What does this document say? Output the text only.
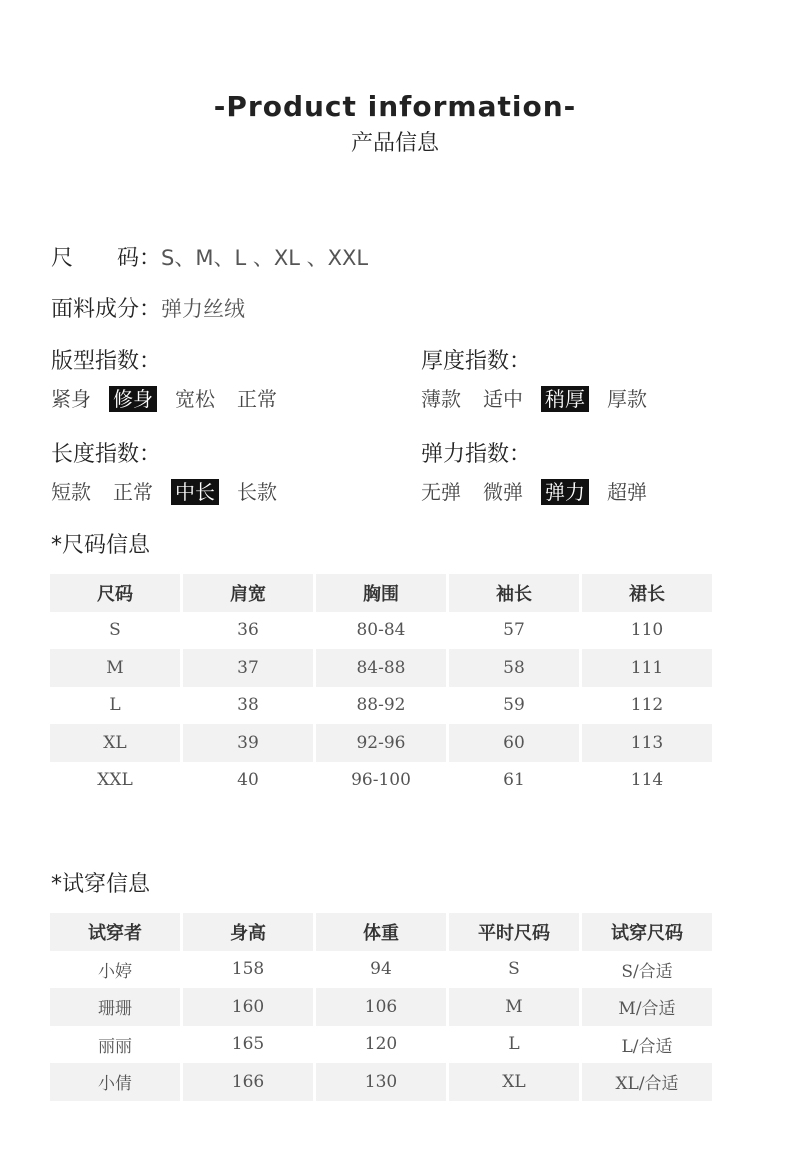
-Product information-
产品信息
尺　　码：S、M、L 、XL 、XXL
面料成分：弹力丝绒
版型指数：
紧身 修身 宽松 正常
厚度指数：
薄款 适中 稍厚 厚款
长度指数：
短款 正常 中长 长款
弹力指数：
无弹 微弹 弹力 超弹
*尺码信息
尺码	肩宽	胸围	袖长	裙长
S	36	80-84	57	110
M	37	84-88	58	111
L	38	88-92	59	112
XL	39	92-96	60	113
XXL	40	96-100	61	114
*试穿信息
试穿者	身高	体重	平时尺码	试穿尺码
小婷	158	94	S	S/合适
珊珊	160	106	M	M/合适
丽丽	165	120	L	L/合适
小倩	166	130	XL	XL/合适
